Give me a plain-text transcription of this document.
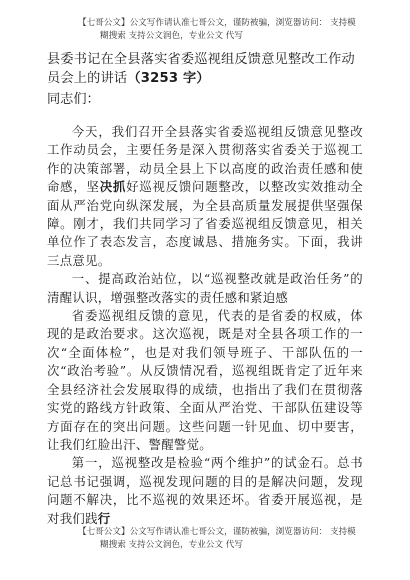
【七哥公文】公文写作请认准七哥公文，谨防被骗，浏览器访问： 支持模
糊搜索 支持公文润色，专业公文 代写
县委书记在全县落实省委巡视组反馈意见整改工作动员会上的讲话（3253 字）
同志们：

今天，我们召开全县落实省委巡视组反馈意见整改工作动员会，主要任务是深入贯彻落实省委关于巡视工作的决策部署，动员全县上下以高度的政治责任感和使命感，坚决抓好巡视反馈问题整改，以整改实效推动全面从严治党向纵深发展，为全县高质量发展提供坚强保障。刚才，我们共同学习了省委巡视组反馈意见，相关单位作了表态发言，态度诚恳、措施务实。下面，我讲三点意见。

一、提高政治站位，以“巡视整改就是政治任务”的清醒认识，增强整改落实的责任感和紧迫感

省委巡视组反馈的意见，代表的是省委的权威，体现的是政治要求。这次巡视，既是对全县各项工作的一次“全面体检”，也是对我们领导班子、干部队伍的一次“政治考验”。从反馈情况看，巡视组既肯定了近年来全县经济社会发展取得的成绩，也指出了我们在贯彻落实党的路线方针政策、全面从严治党、干部队伍建设等方面存在的突出问题。这些问题一针见血、切中要害，让我们红脸出汗、警醒警觉。

第一，巡视整改是检验“两个维护”的试金石。总书记总书记强调，巡视发现问题的目的是解决问题，发现问题不解决，比不巡视的效果还坏。省委开展巡视，是对我们践行

【七哥公文】公文写作请认准七哥公文，谨防被骗，浏览器访问： 支持模
糊搜索 支持公文润色，专业公文 代写
